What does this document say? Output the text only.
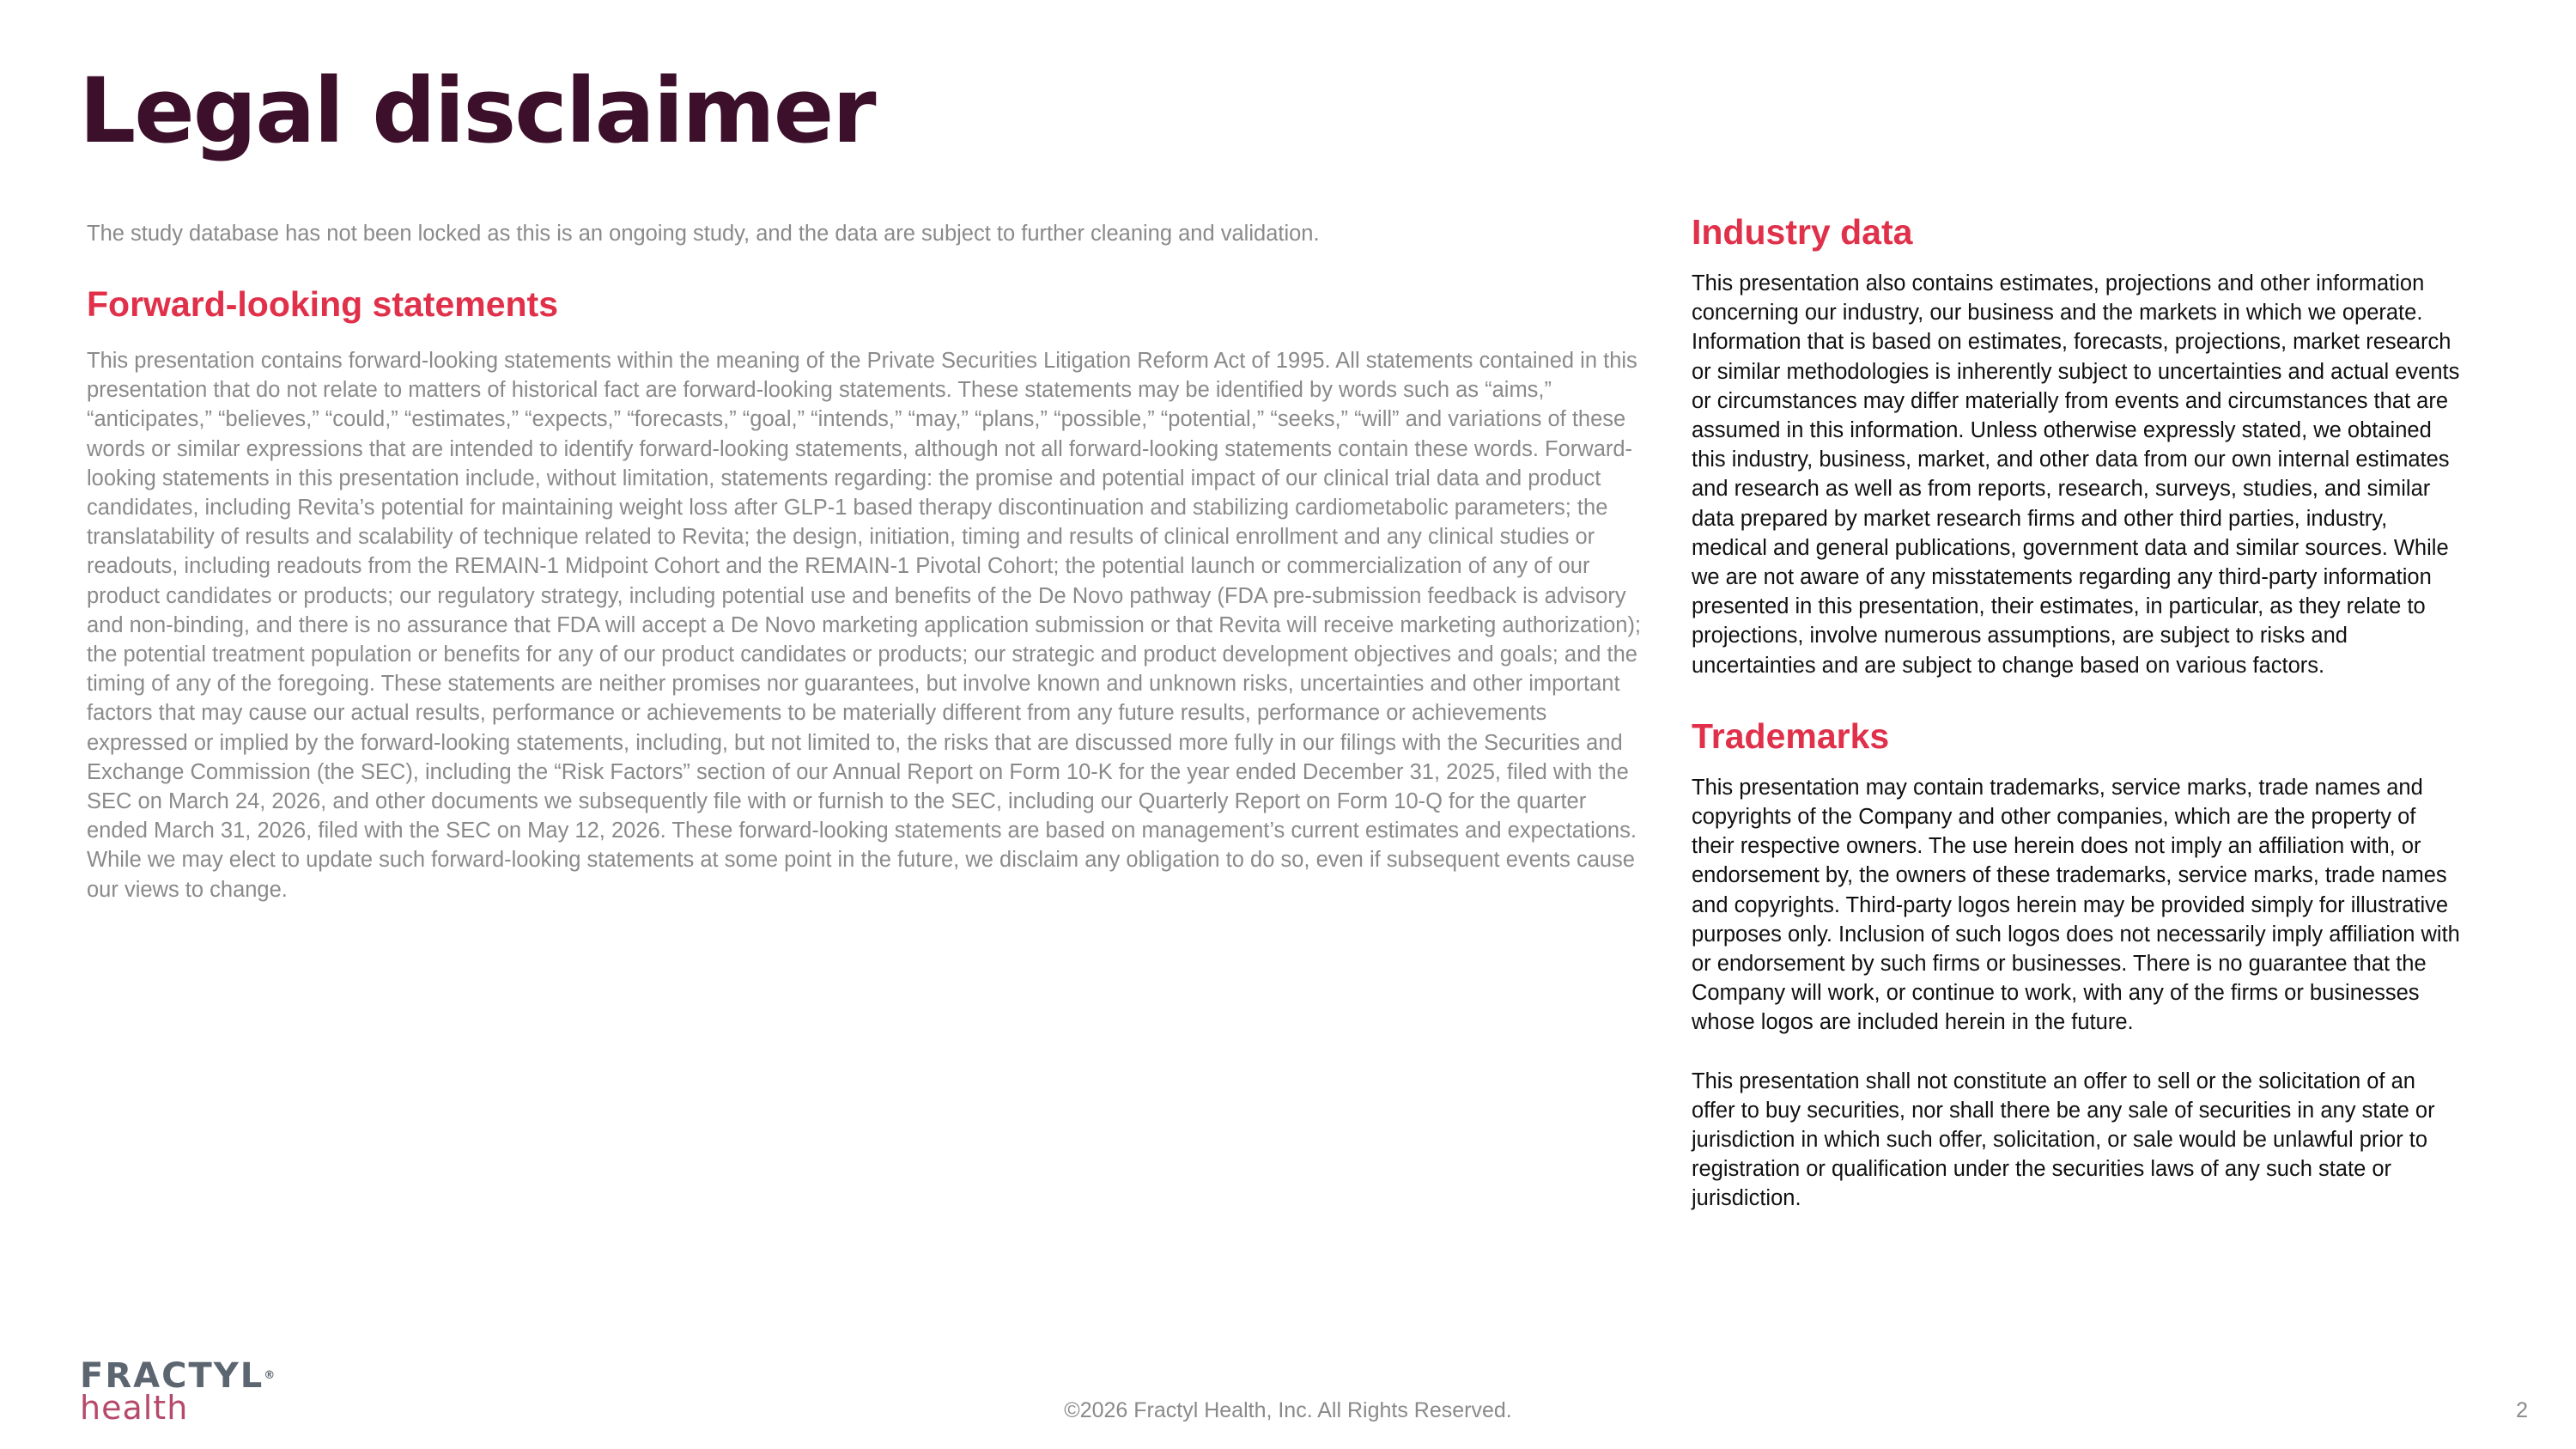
Legal disclaimer

The study database has not been locked as this is an ongoing study, and the data are subject to further cleaning and validation.

Forward-looking statements

This presentation contains forward-looking statements within the meaning of the Private Securities Litigation Reform Act of 1995. All statements contained in this presentation that do not relate to matters of historical fact are forward-looking statements. These statements may be identified by words such as “aims,” “anticipates,” “believes,” “could,” “estimates,” “expects,” “forecasts,” “goal,” “intends,” “may,” “plans,” “possible,” “potential,” “seeks,” “will” and variations of these words or similar expressions that are intended to identify forward-looking statements, although not all forward-looking statements contain these words. Forward-looking statements in this presentation include, without limitation, statements regarding: the promise and potential impact of our clinical trial data and product candidates, including Revita’s potential for maintaining weight loss after GLP-1 based therapy discontinuation and stabilizing cardiometabolic parameters; the translatability of results and scalability of technique related to Revita; the design, initiation, timing and results of clinical enrollment and any clinical studies or readouts, including readouts from the REMAIN-1 Midpoint Cohort and the REMAIN-1 Pivotal Cohort; the potential launch or commercialization of any of our product candidates or products; our regulatory strategy, including potential use and benefits of the De Novo pathway (FDA pre-submission feedback is advisory and non-binding, and there is no assurance that FDA will accept a De Novo marketing application submission or that Revita will receive marketing authorization); the potential treatment population or benefits for any of our product candidates or products; our strategic and product development objectives and goals; and the timing of any of the foregoing. These statements are neither promises nor guarantees, but involve known and unknown risks, uncertainties and other important factors that may cause our actual results, performance or achievements to be materially different from any future results, performance or achievements expressed or implied by the forward-looking statements, including, but not limited to, the risks that are discussed more fully in our filings with the Securities and Exchange Commission (the SEC), including the “Risk Factors” section of our Annual Report on Form 10-K for the year ended December 31, 2025, filed with the SEC on March 24, 2026, and other documents we subsequently file with or furnish to the SEC, including our Quarterly Report on Form 10-Q for the quarter ended March 31, 2026, filed with the SEC on May 12, 2026. These forward-looking statements are based on management’s current estimates and expectations. While we may elect to update such forward-looking statements at some point in the future, we disclaim any obligation to do so, even if subsequent events cause our views to change.

Industry data

This presentation also contains estimates, projections and other information concerning our industry, our business and the markets in which we operate. Information that is based on estimates, forecasts, projections, market research or similar methodologies is inherently subject to uncertainties and actual events or circumstances may differ materially from events and circumstances that are assumed in this information. Unless otherwise expressly stated, we obtained this industry, business, market, and other data from our own internal estimates and research as well as from reports, research, surveys, studies, and similar data prepared by market research firms and other third parties, industry, medical and general publications, government data and similar sources. While we are not aware of any misstatements regarding any third-party information presented in this presentation, their estimates, in particular, as they relate to projections, involve numerous assumptions, are subject to risks and uncertainties and are subject to change based on various factors.

Trademarks

This presentation may contain trademarks, service marks, trade names and copyrights of the Company and other companies, which are the property of their respective owners. The use herein does not imply an affiliation with, or endorsement by, the owners of these trademarks, service marks, trade names and copyrights. Third-party logos herein may be provided simply for illustrative purposes only. Inclusion of such logos does not necessarily imply affiliation with or endorsement by such firms or businesses. There is no guarantee that the Company will work, or continue to work, with any of the firms or businesses whose logos are included herein in the future.

This presentation shall not constitute an offer to sell or the solicitation of an offer to buy securities, nor shall there be any sale of securities in any state or jurisdiction in which such offer, solicitation, or sale would be unlawful prior to registration or qualification under the securities laws of any such state or jurisdiction.

FRACTYL®
health	©2026 Fractyl Health, Inc. All Rights Reserved.	2
